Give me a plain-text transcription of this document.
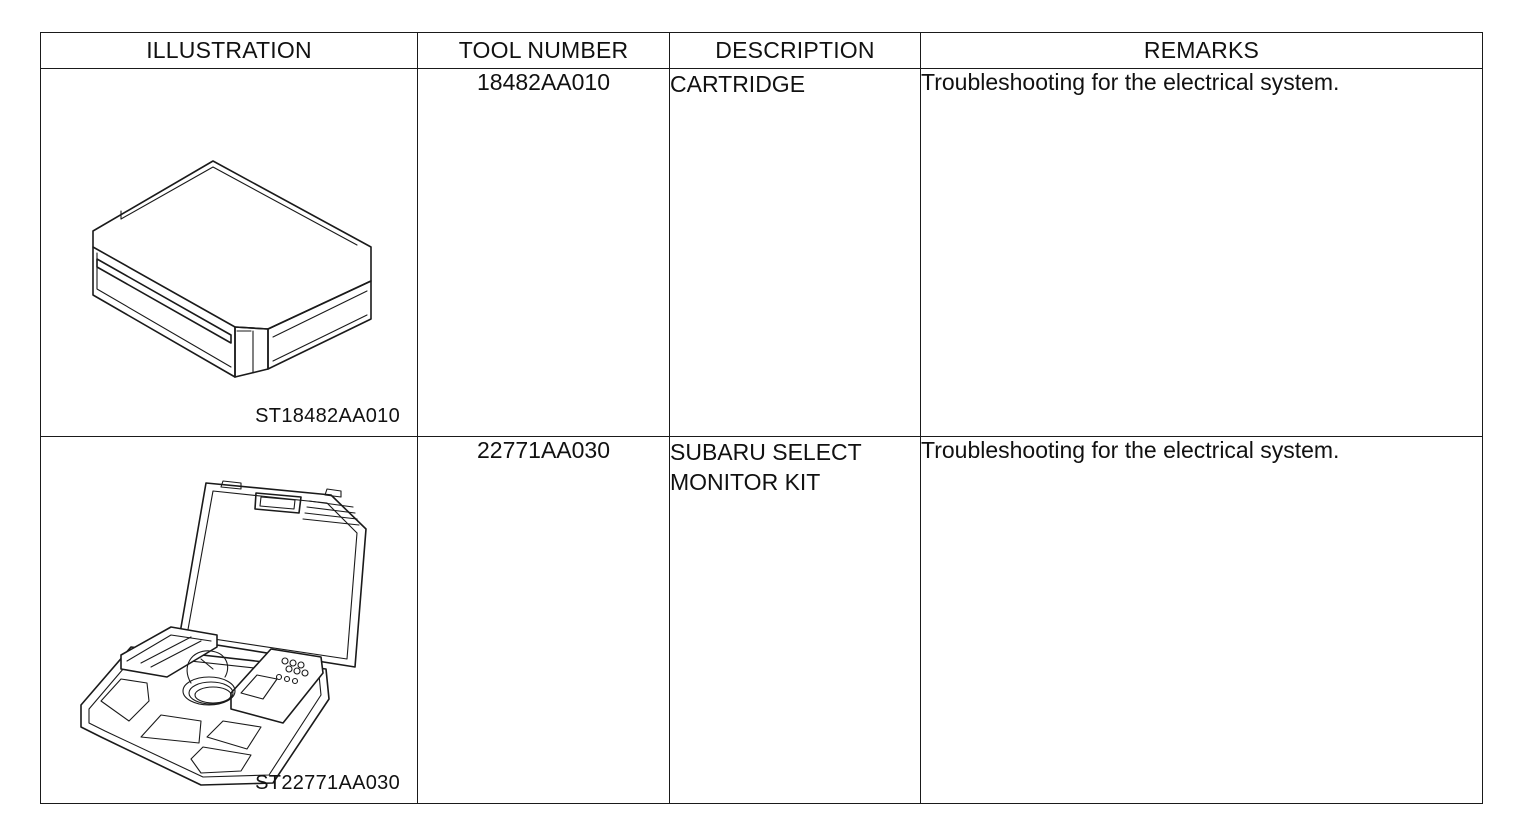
ILLUSTRATION	TOOL NUMBER	DESCRIPTION	REMARKS

ST18482AA010	18482AA010	CARTRIDGE	Troubleshooting for the electrical system.

ST22771AA030	22771AA030	SUBARU SELECT
MONITOR KIT	Troubleshooting for the electrical system.
